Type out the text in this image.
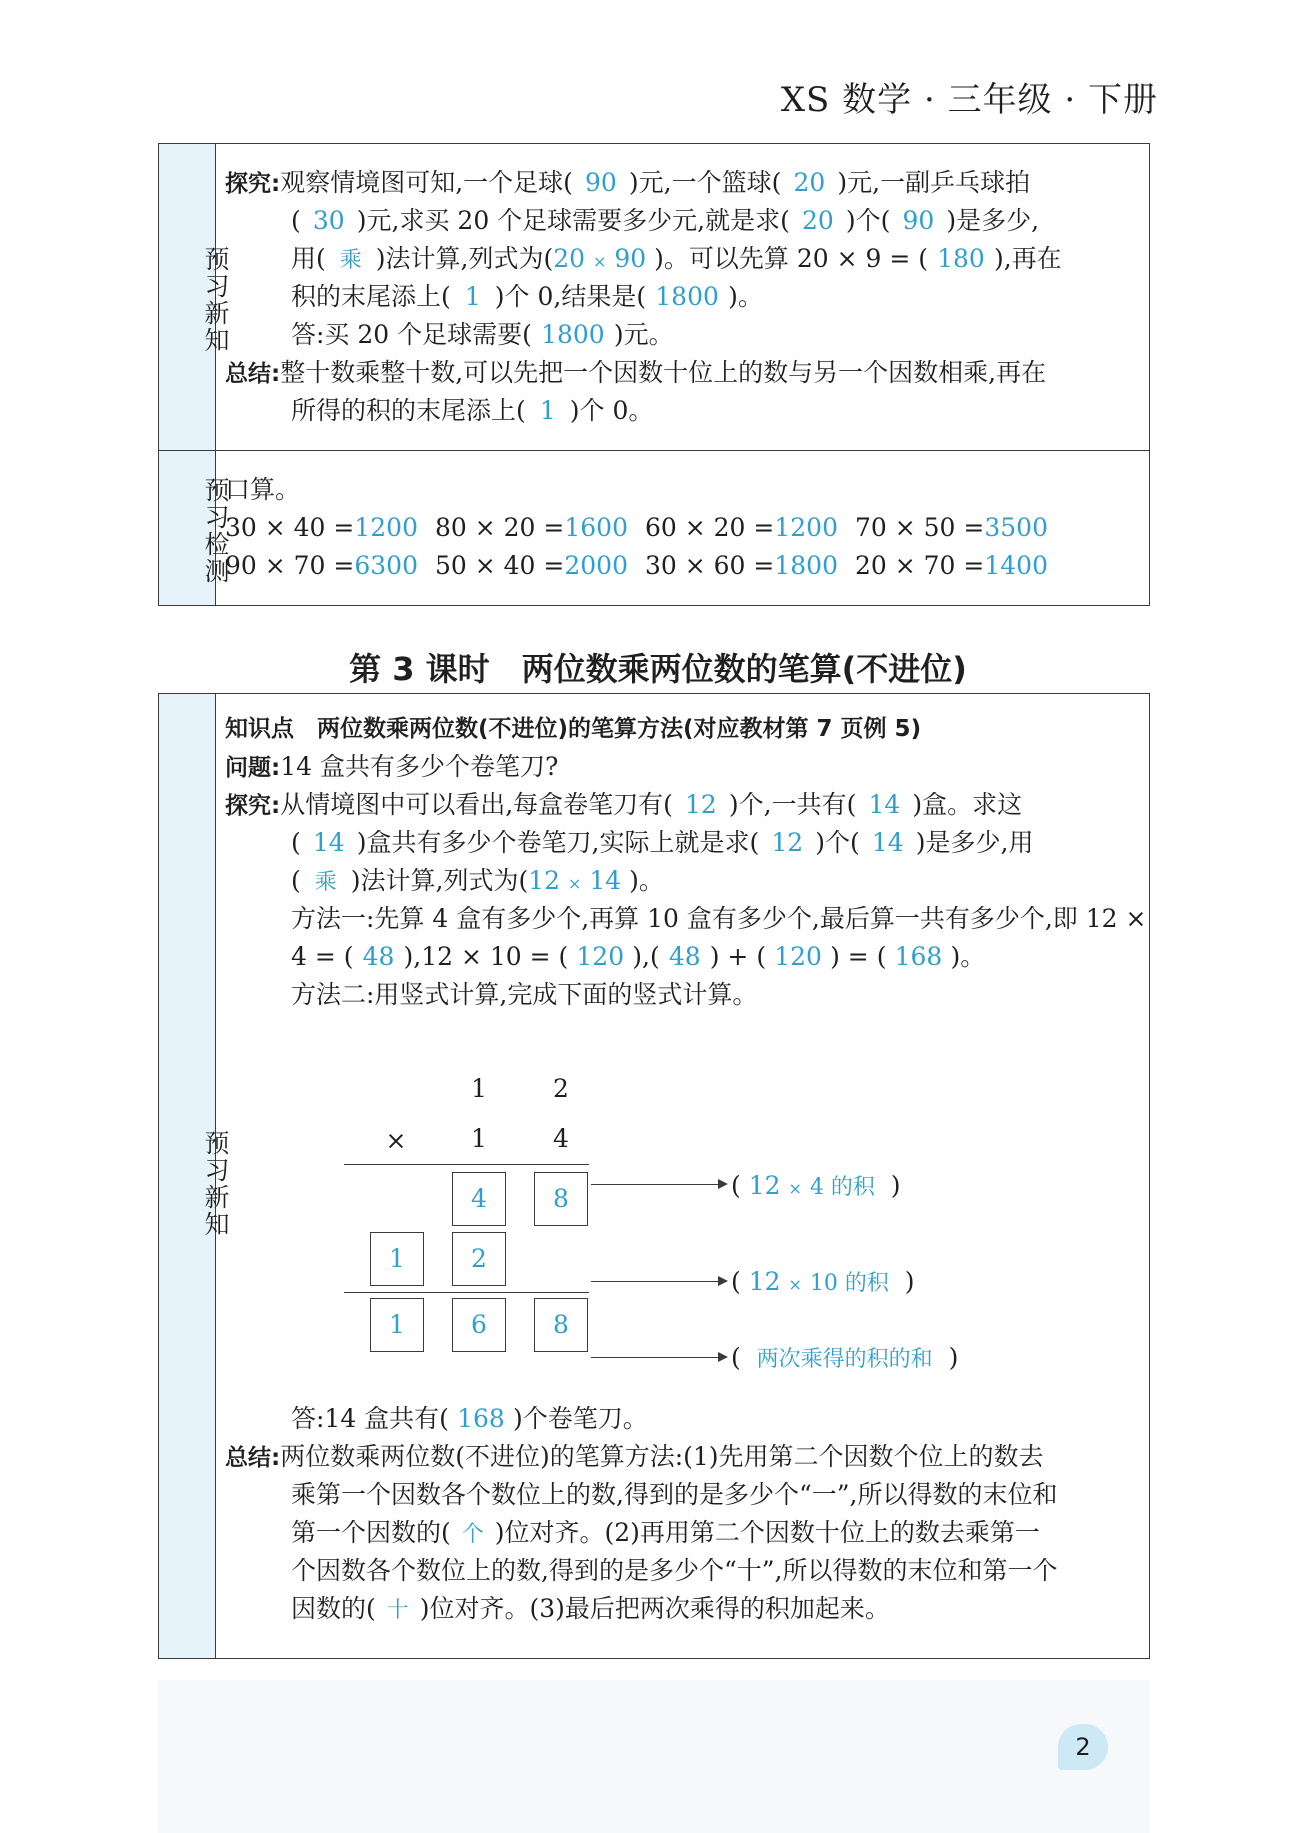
XS 数学 · 三年级 · 下册
预习新知
探究:观察情境图可知,一个足球( 90 )元,一个篮球( 20 )元,一副乒乓球拍
( 30 )元,求买 20 个足球需要多少元,就是求( 20 )个( 90 )是多少,
用( 乘 )法计算,列式为(20 × 90 )。可以先算 20 × 9 = ( 180 ),再在
积的末尾添上( 1 )个 0,结果是( 1800 )。
答:买 20 个足球需要( 1800 )元。
总结:整十数乘整十数,可以先把一个因数十位上的数与另一个因数相乘,再在
所得的积的末尾添上( 1 )个 0。
预习检测
口算。
30 × 40 =1200 80 × 20 =1600 60 × 20 =1200 70 × 50 =3500
90 × 70 =6300 50 × 40 =2000 30 × 60 =1800 20 × 70 =1400
第 3 课时　两位数乘两位数的笔算(不进位)
预习新知
知识点　两位数乘两位数(不进位)的笔算方法(对应教材第 7 页例 5)
问题:14 盒共有多少个卷笔刀?
探究:从情境图中可以看出,每盒卷笔刀有( 12 )个,一共有( 14 )盒。求这
( 14 )盒共有多少个卷笔刀,实际上就是求( 12 )个( 14 )是多少,用
( 乘 )法计算,列式为(12 × 14 )。
方法一:先算 4 盒有多少个,再算 10 盒有多少个,最后算一共有多少个,即 12 ×
4 = ( 48 ),12 × 10 = ( 120 ),( 48 ) + ( 120 ) = ( 168 )。
方法二:用竖式计算,完成下面的竖式计算。
1	2
×	1	4
4	8	( 12 × 4 的积  )
1	2
( 12 × 10 的积  )
1	6	8
(  两次乘得的积的和  )
答:14 盒共有( 168 )个卷笔刀。
总结:两位数乘两位数(不进位)的笔算方法:(1)先用第二个因数个位上的数去
乘第一个因数各个数位上的数,得到的是多少个“一”,所以得数的末位和
第一个因数的( 个 )位对齐。(2)再用第二个因数十位上的数去乘第一
个因数各个数位上的数,得到的是多少个“十”,所以得数的末位和第一个
因数的( 十 )位对齐。(3)最后把两次乘得的积加起来。
2
